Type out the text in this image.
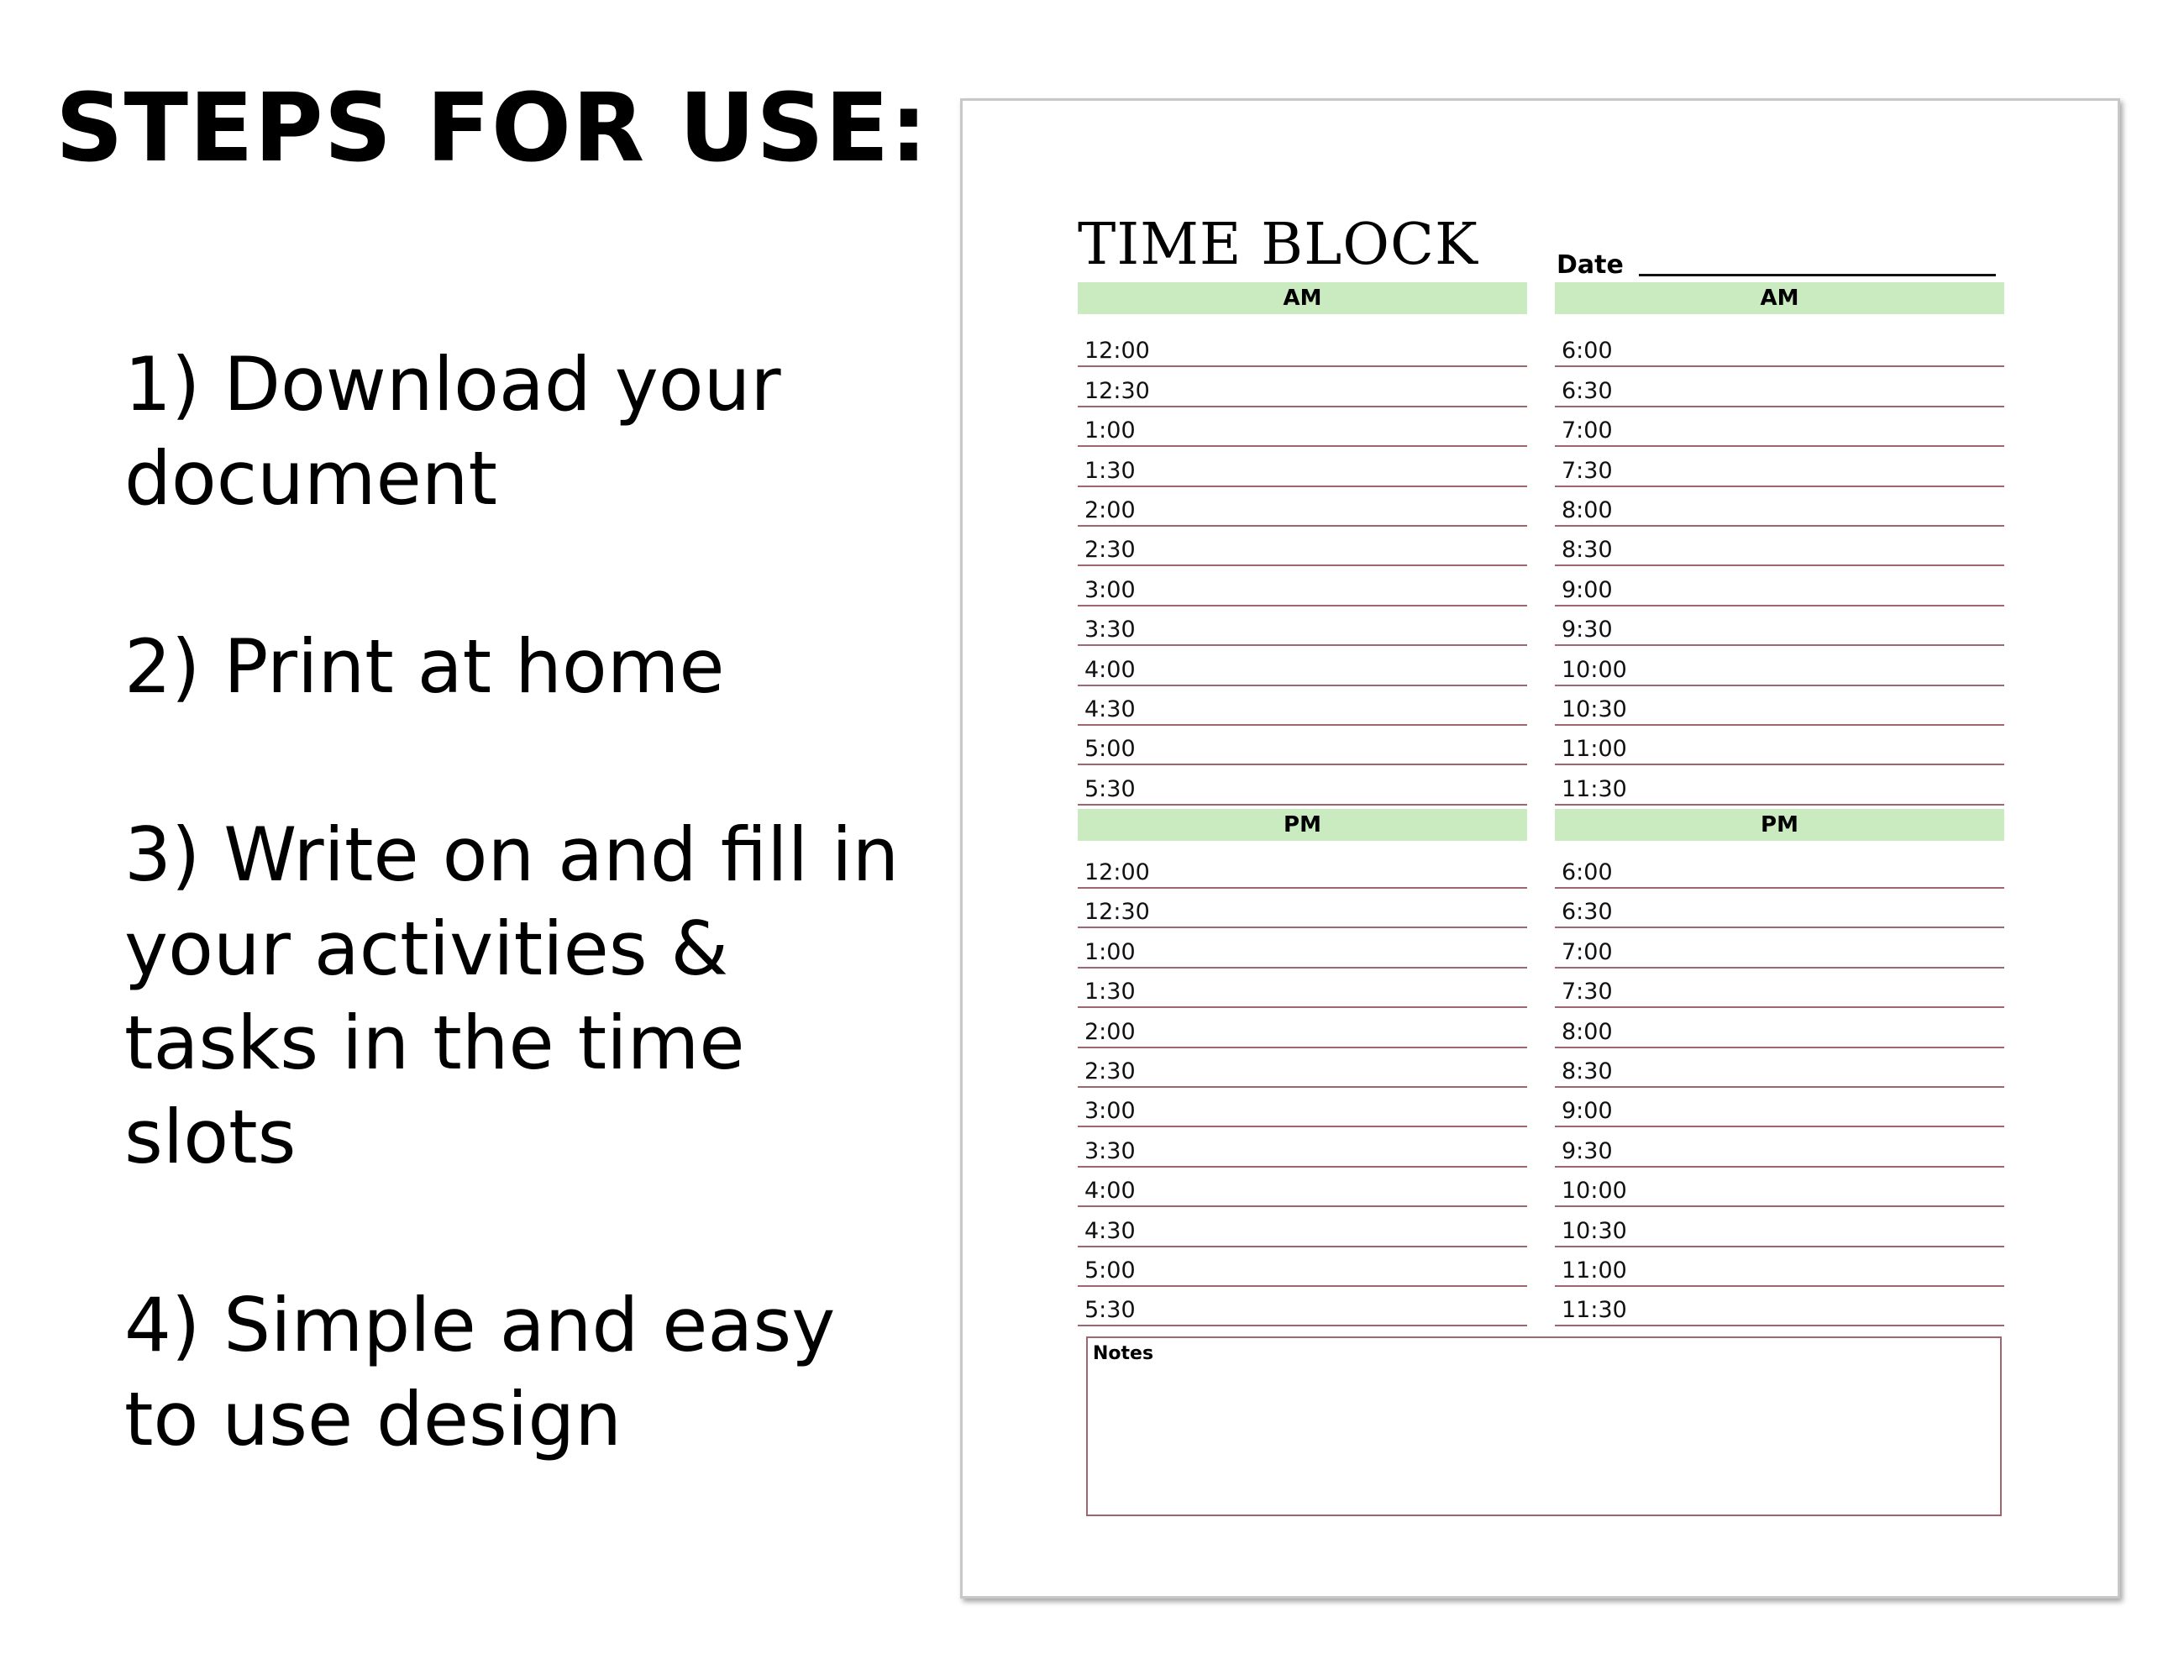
STEPS FOR USE:
1) Download your document
2) Print at home
3) Write on and fill in your activities & tasks in the time slots
4) Simple and easy to use design
TIME BLOCK	Date
AM
12:00
12:30
1:00
1:30
2:00
2:30
3:00
3:30
4:00
4:30
5:00
5:30
AM
6:00
6:30
7:00
7:30
8:00
8:30
9:00
9:30
10:00
10:30
11:00
11:30
PM
12:00
12:30
1:00
1:30
2:00
2:30
3:00
3:30
4:00
4:30
5:00
5:30
PM
6:00
6:30
7:00
7:30
8:00
8:30
9:00
9:30
10:00
10:30
11:00
11:30
Notes
